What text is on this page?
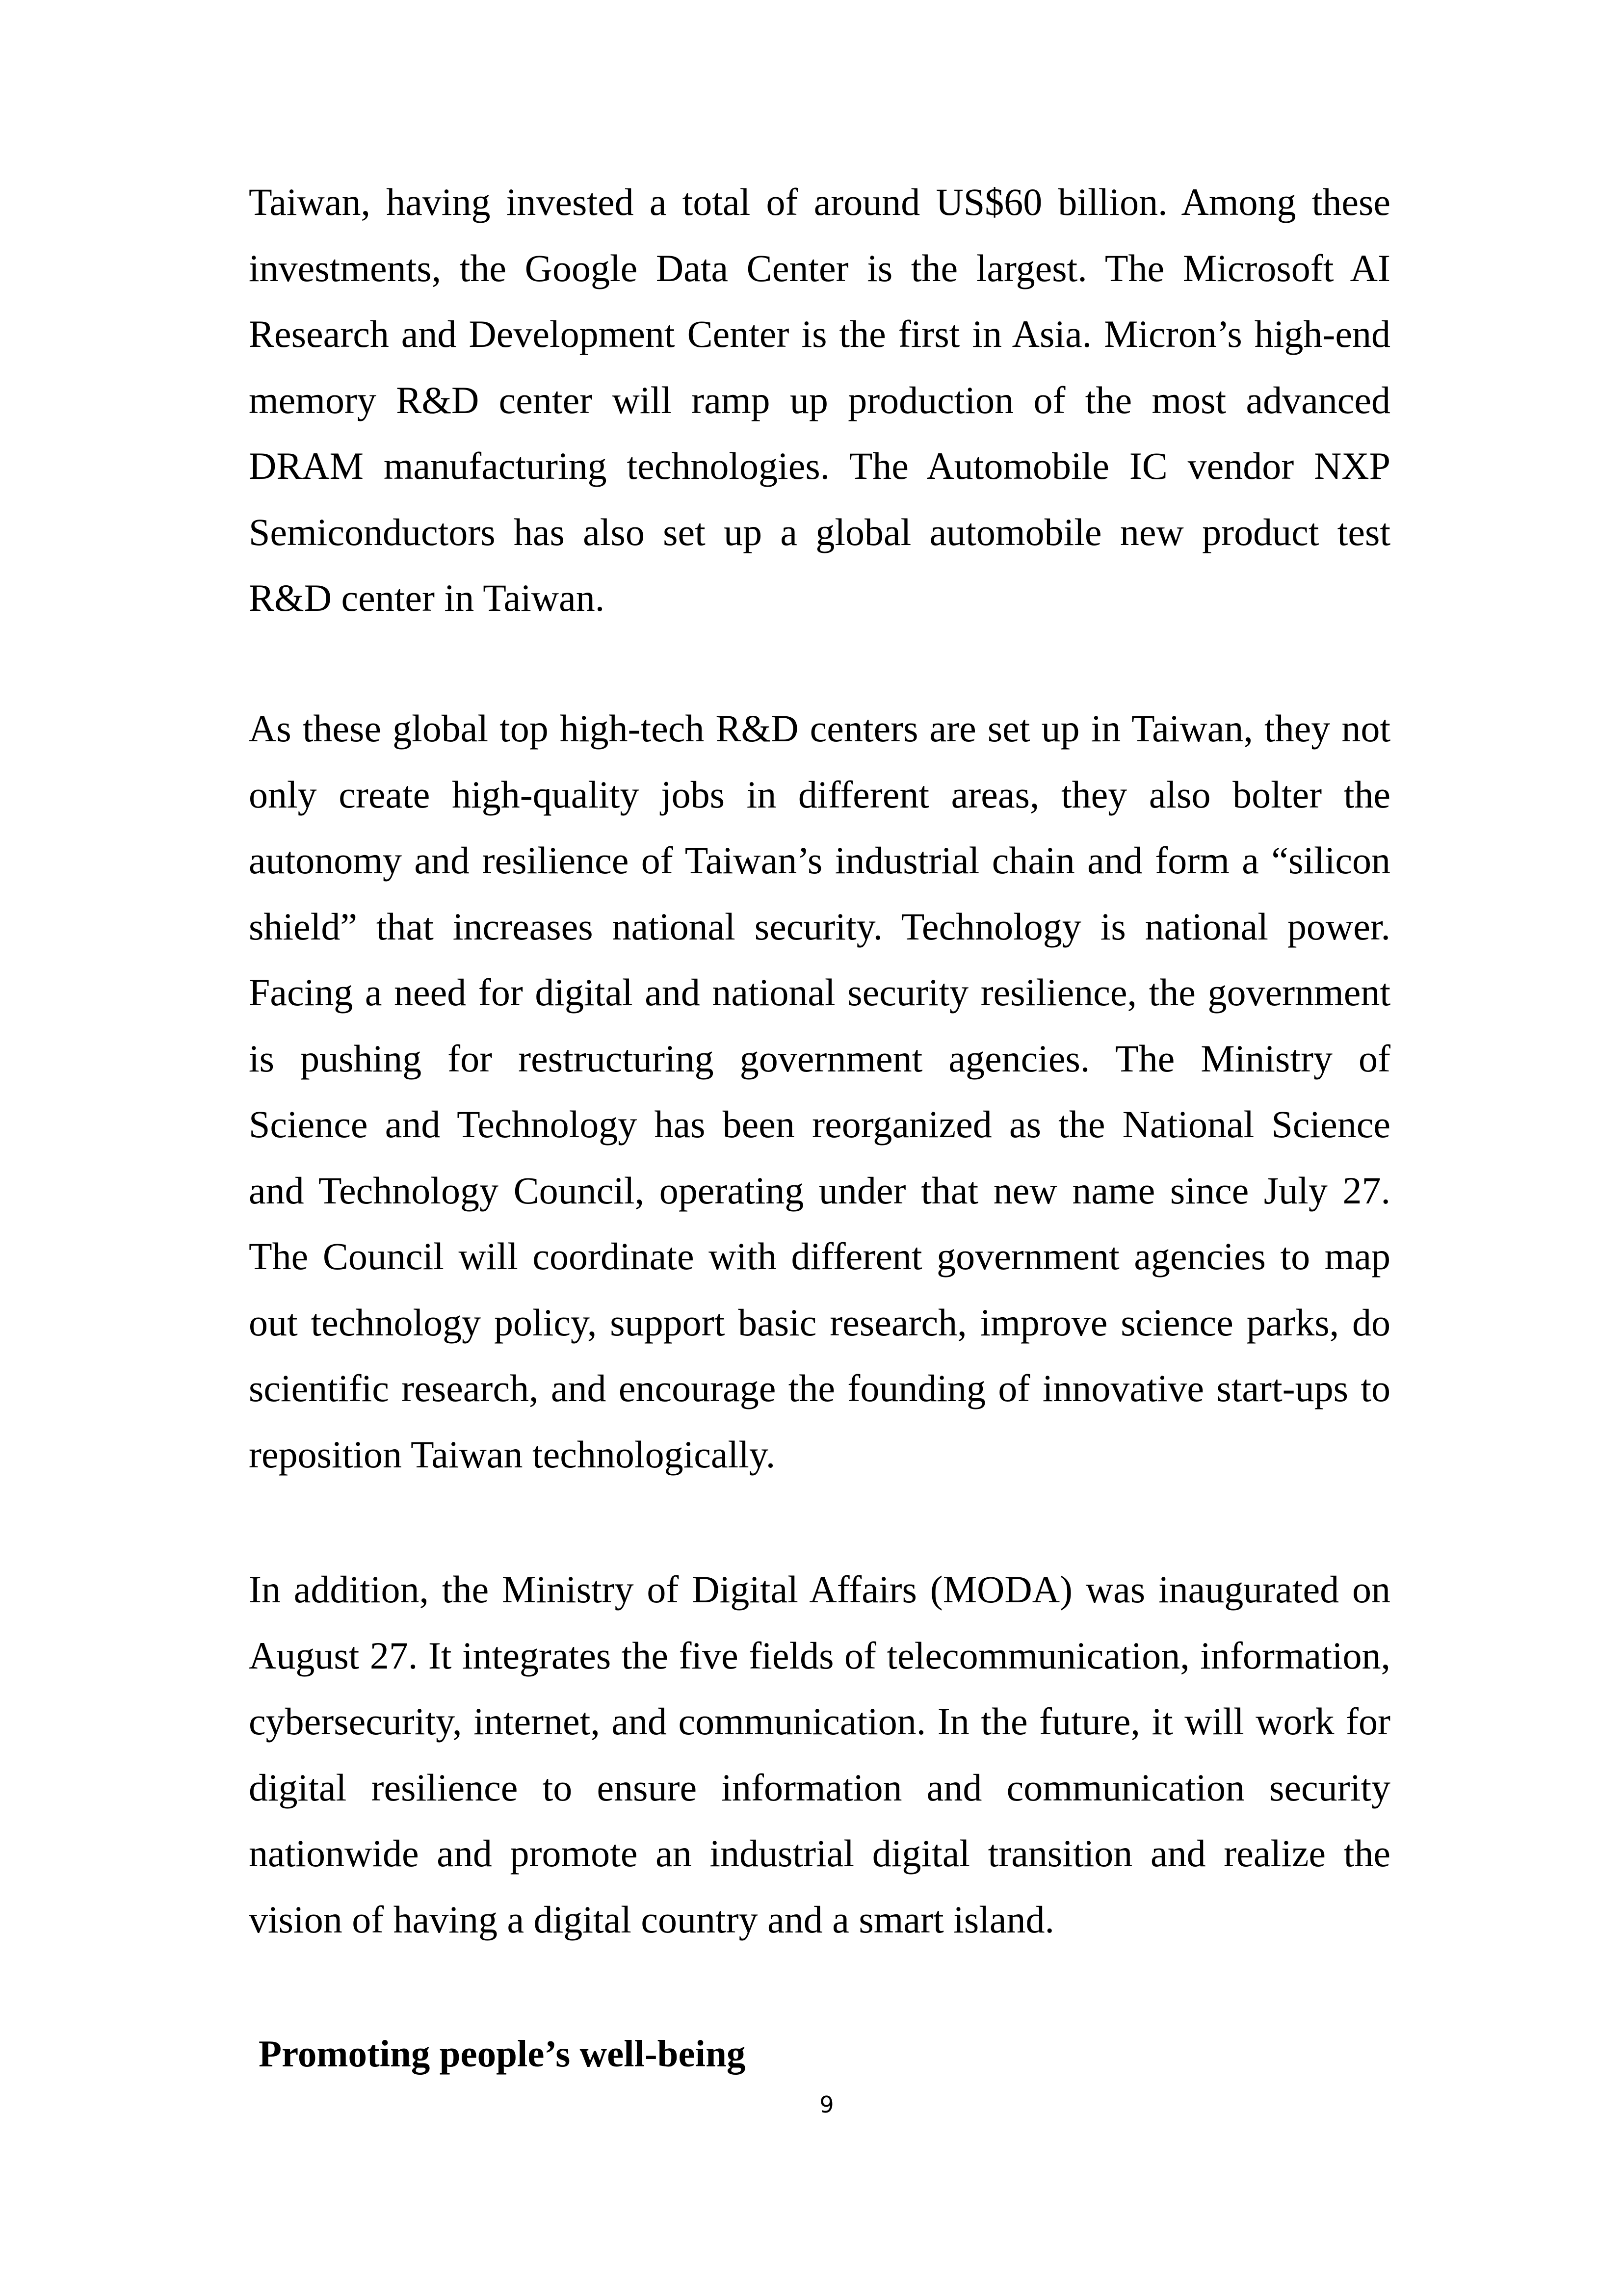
Taiwan, having invested a total of around US$60 billion. Among these
investments, the Google Data Center is the largest. The Microsoft AI
Research and Development Center is the first in Asia. Micron’s high-end
memory R&D center will ramp up production of the most advanced
DRAM manufacturing technologies. The Automobile IC vendor NXP
Semiconductors has also set up a global automobile new product test
R&D center in Taiwan.
As these global top high-tech R&D centers are set up in Taiwan, they not
only create high-quality jobs in different areas, they also bolter the
autonomy and resilience of Taiwan’s industrial chain and form a “silicon
shield” that increases national security. Technology is national power.
Facing a need for digital and national security resilience, the government
is pushing for restructuring government agencies. The Ministry of
Science and Technology has been reorganized as the National Science
and Technology Council, operating under that new name since July 27.
The Council will coordinate with different government agencies to map
out technology policy, support basic research, improve science parks, do
scientific research, and encourage the founding of innovative start-ups to
reposition Taiwan technologically.
In addition, the Ministry of Digital Affairs (MODA) was inaugurated on
August 27. It integrates the five fields of telecommunication, information,
cybersecurity, internet, and communication. In the future, it will work for
digital resilience to ensure information and communication security
nationwide and promote an industrial digital transition and realize the
vision of having a digital country and a smart island.
Promoting people’s well-being
9
